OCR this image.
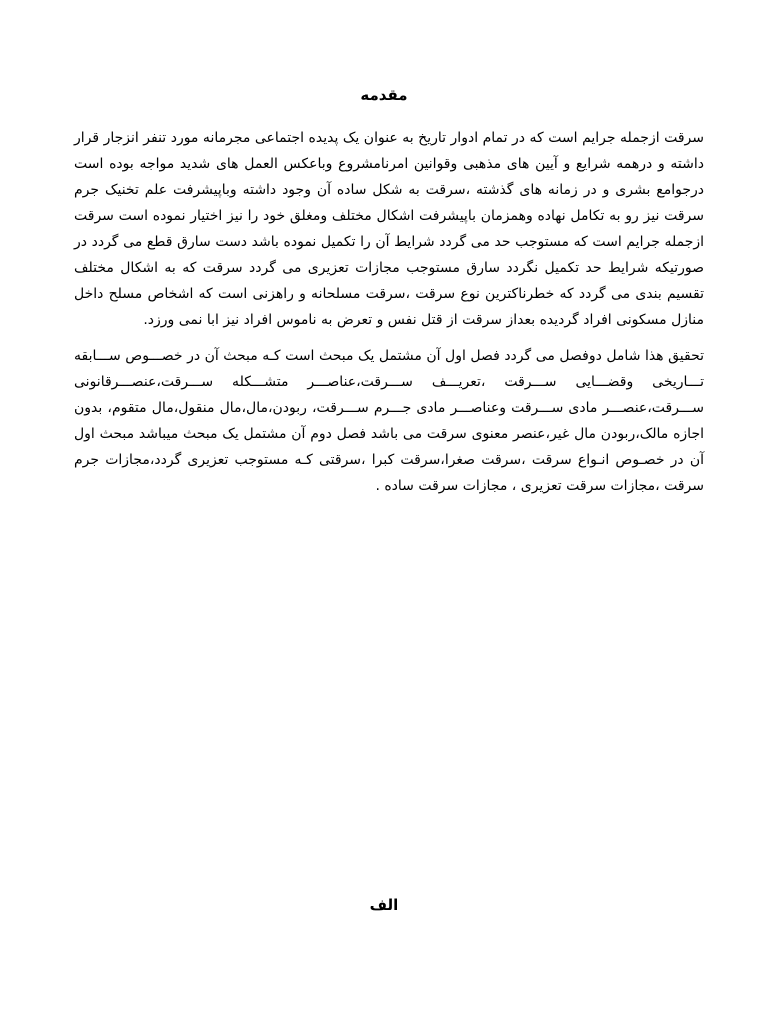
مقدمه

سرقت ازجمله جرایم است که در تمام ادوار تاریخ به عنوان یک پدیده اجتماعی مجرمانه مورد تنفر انزجار قرار داشته و درهمه شرایع و آیین های مذهبی وقوانین امرنامشروع وباعکس العمل های شدید مواجه بوده است درجوامع بشری و در زمانه های گذشته ،سرقت به شکل ساده آن وجود داشته وباپیشرفت علم تخنیک جرم سرقت نیز رو به تکامل نهاده وهمزمان باپیشرفت اشکال مختلف ومغلق خود را نیز اختیار نموده است سرقت ازجمله جرایم است که مستوجب حد می گردد شرایط آن را تکمیل نموده باشد دست سارق قطع می گردد در صورتیکه شرایط حد تکمیل نگردد سارق مستوجب مجازات تعزیری می گردد سرقت که به اشکال مختلف تقسیم بندی می گردد که خطرناکترین نوع سرقت ،سرقت مسلحانه و راهزنی است که اشخاص مسلح داخل منازل مسکونی افراد گردیده بعداز سرقت از قتل نفس و تعرض به ناموس افراد نیز ابا نمی ورزد.

تحقیق هذا شامل دوفصل می گردد فصل اول آن مشتمل یک مبحث است کـه مبحث آن در خصـــوص ســـابقه تـــاریخی وقضـــایی ســـرقت ،تعریـــف ســـرقت،عناصـــر متشـــکله ســـرقت،عنصـــرقانونی ســـرقت،عنصـــر مادی ســـرقت وعناصـــر مادی جـــرم ســـرقت، ربودن،مال،مال منقول،مال متقوم، بدون اجازه مالک،ربودن مال غیر،عنصر معنوی سرقت می باشد فصل دوم آن مشتمل یک مبحث میباشد مبحث اول آن در خصـوص انـواع سرقت ،سرقت صغرا،سرقت کبرا ،سرقتی کـه مستوجب تعزیری گردد،مجازات جرم سرقت ،مجازات سرقت تعزیری ، مجازات سرقت ساده .

الف
